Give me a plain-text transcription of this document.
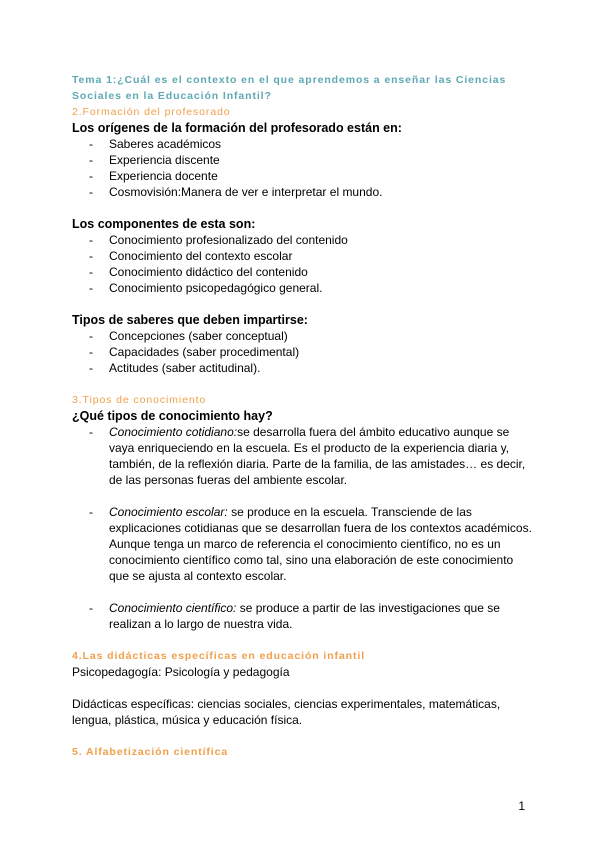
Tema 1:¿Cuál es el contexto en el que aprendemos a enseñar las Ciencias Sociales en la Educación Infantil?

2.Formación del profesorado

Los orígenes de la formación del profesorado están en:

- Saberes académicos
- Experiencia discente
- Experiencia docente
- Cosmovisión:Manera de ver e interpretar el mundo.

Los componentes de esta son:

- Conocimiento profesionalizado del contenido
- Conocimiento del contexto escolar
- Conocimiento didáctico del contenido
- Conocimiento psicopedagógico general.

Tipos de saberes que deben impartirse:

- Concepciones (saber conceptual)
- Capacidades (saber procedimental)
- Actitudes (saber actitudinal).

3.Tipos de conocimiento

¿Qué tipos de conocimiento hay?

- Conocimiento cotidiano:se desarrolla fuera del ámbito educativo aunque se vaya enriqueciendo en la escuela. Es el producto de la experiencia diaria y, también, de la reflexión diaria. Parte de la familia, de las amistades… es decir, de las personas fueras del ambiente escolar.
- Conocimiento escolar: se produce en la escuela. Transciende de las explicaciones cotidianas que se desarrollan fuera de los contextos académicos. Aunque tenga un marco de referencia el conocimiento científico, no es un conocimiento científico como tal, sino una elaboración de este conocimiento que se ajusta al contexto escolar.
- Conocimiento científico: se produce a partir de las investigaciones que se realizan a lo largo de nuestra vida.

4.Las didácticas específicas en educación infantil

Psicopedagogía: Psicología y pedagogía

Didácticas específicas: ciencias sociales, ciencias experimentales, matemáticas, lengua, plástica, música y educación física.

5. Alfabetización científica

1
